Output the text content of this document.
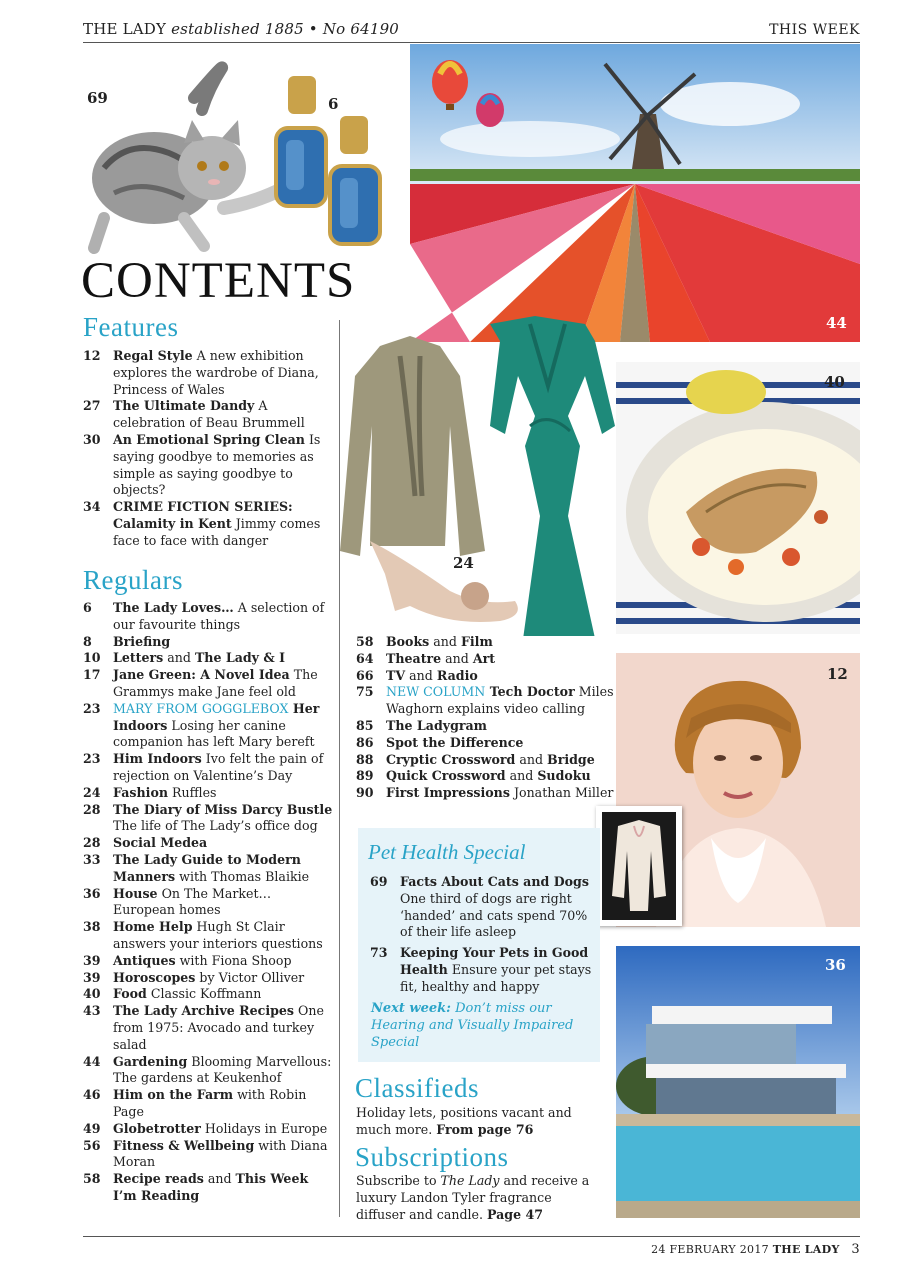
THE LADY established 1885 • No 64190	THIS WEEK
69	6
44
CONTENTS
Features
12 Regal Style A new exhibition explores the wardrobe of Diana, Princess of Wales
27 The Ultimate Dandy A celebration of Beau Brummell
30 An Emotional Spring Clean Is saying goodbye to memories as simple as saying goodbye to objects?
34 CRIME FICTION SERIES: Calamity in Kent Jimmy comes face to face with danger
Regulars
6	The Lady Loves… A selection of our favourite things
8	Briefing
10 Letters and The Lady & I
17 Jane Green: A Novel Idea The Grammys make Jane feel old
23 MARY FROM GOGGLEBOX Her Indoors Losing her canine companion has left Mary bereft
23 Him Indoors Ivo felt the pain of rejection on Valentine’s Day
24 Fashion Ruffles
28 The Diary of Miss Darcy Bustle The life of The Lady’s office dog
28 Social Medea
33 The Lady Guide to Modern Manners with Thomas Blaikie
36 House On The Market… European homes
38 Home Help Hugh St Clair answers your interiors questions
39 Antiques with Fiona Shoop
39 Horoscopes by Victor Olliver
40 Food Classic Koffmann
43 The Lady Archive Recipes One from 1975: Avocado and turkey salad
44 Gardening Blooming Marvellous: The gardens at Keukenhof
46 Him on the Farm with Robin Page
49 Globetrotter Holidays in Europe
56 Fitness & Wellbeing with Diana Moran
58 Recipe reads and This Week I’m Reading
24
40
58 Books and Film
64 Theatre and Art
66 TV and Radio
75 NEW COLUMN Tech Doctor Miles Waghorn explains video calling
85 The Ladygram
86 Spot the Difference
88 Cryptic Crossword and Bridge
89 Quick Crossword and Sudoku
90 First Impressions Jonathan Miller
12
Pet Health Special
69 Facts About Cats and Dogs One third of dogs are right ‘handed’ and cats spend 70% of their life asleep
73 Keeping Your Pets in Good Health Ensure your pet stays fit, healthy and happy
Next week: Don’t miss our Hearing and Visually Impaired Special
36
Classifieds
Holiday lets, positions vacant and much more. From page 76
Subscriptions
Subscribe to The Lady and receive a luxury Landon Tyler fragrance diffuser and candle. Page 47
24 FEBRUARY 2017 THE LADY 3
